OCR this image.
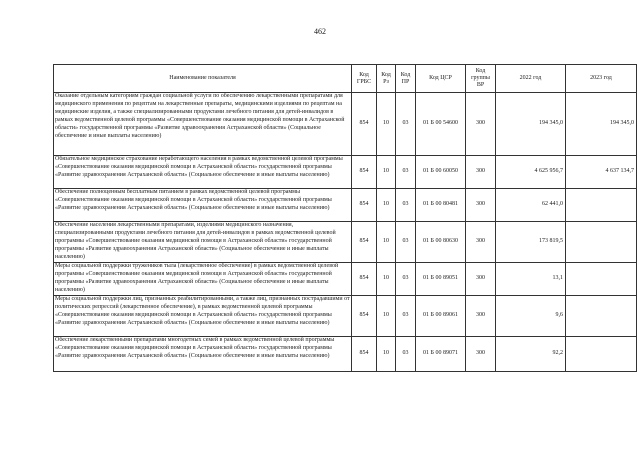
462
Наименование показателя	Код ГРБС	Код Рз	Код ПР	Код ЦСР	Код группы ВР	2022 год	2023 год
Оказание отдельным категориям граждан социальной услуги по обеспечению лекарственными препаратами для медицинского применения по рецептам на лекарственные препараты, медицинскими изделиями по рецептам на медицинские изделия, а также специализированными продуктами лечебного питания для детей-инвалидов в рамках ведомственной целевой программы «Совершенствование оказания медицинской помощи в Астраханской области» государственной программы «Развитие здравоохранения Астраханской области» (Социальное обеспечение и иные выплаты населению)	854	10	03	01 Б 00 54600	300	194 345,0	194 345,0
Обязательное медицинское страхование неработающего населения в рамках ведомственной целевой программы «Совершенствование оказания медицинской помощи в Астраханской области» государственной программы «Развитие здравоохранения Астраханской области» (Социальное обеспечение и иные выплаты населению)	854	10	03	01 Б 00 60050	300	4 625 956,7	4 637 134,7
Обеспечение полноценным бесплатным питанием в рамках ведомственной целевой программы «Совершенствование оказания медицинской помощи в Астраханской области» государственной программы «Развитие здравоохранения Астраханской области» (Социальное обеспечение и иные выплаты населению)	854	10	03	01 Б 00 80481	300	62 441,0	
Обеспечение населения лекарственными препаратами, изделиями медицинского назначения, специализированными продуктами лечебного питания для детей-инвалидов в рамках ведомственной целевой программы «Совершенствование оказания медицинской помощи в Астраханской области» государственной программы «Развитие здравоохранения Астраханской области» (Социальное обеспечение и иные выплаты населению)	854	10	03	01 Б 00 80630	300	173 819,5	
Меры социальной поддержки тружеников тыла (лекарственное обеспечение) в рамках ведомственной целевой программы «Совершенствование оказания медицинской помощи в Астраханской области» государственной программы «Развитие здравоохранения Астраханской области» (Социальное обеспечение и иные выплаты населению)	854	10	03	01 Б 00 89051	300	13,1	
Меры социальной поддержки лиц, признанных реабилитированными, а также лиц, признанных пострадавшими от политических репрессий (лекарственное обеспечение), в рамках ведомственной целевой программы «Совершенствование оказания медицинской помощи в Астраханской области» государственной программы «Развитие здравоохранения Астраханской области» (Социальное обеспечение и иные выплаты населению)	854	10	03	01 Б 00 89061	300	9,6	
Обеспечение лекарственными препаратами многодетных семей в рамках ведомственной целевой программы «Совершенствование оказания медицинской помощи в Астраханской области» государственной программы «Развитие здравоохранения Астраханской области» (Социальное обеспечение и иные выплаты населению)	854	10	03	01 Б 00 89071	300	92,2	
